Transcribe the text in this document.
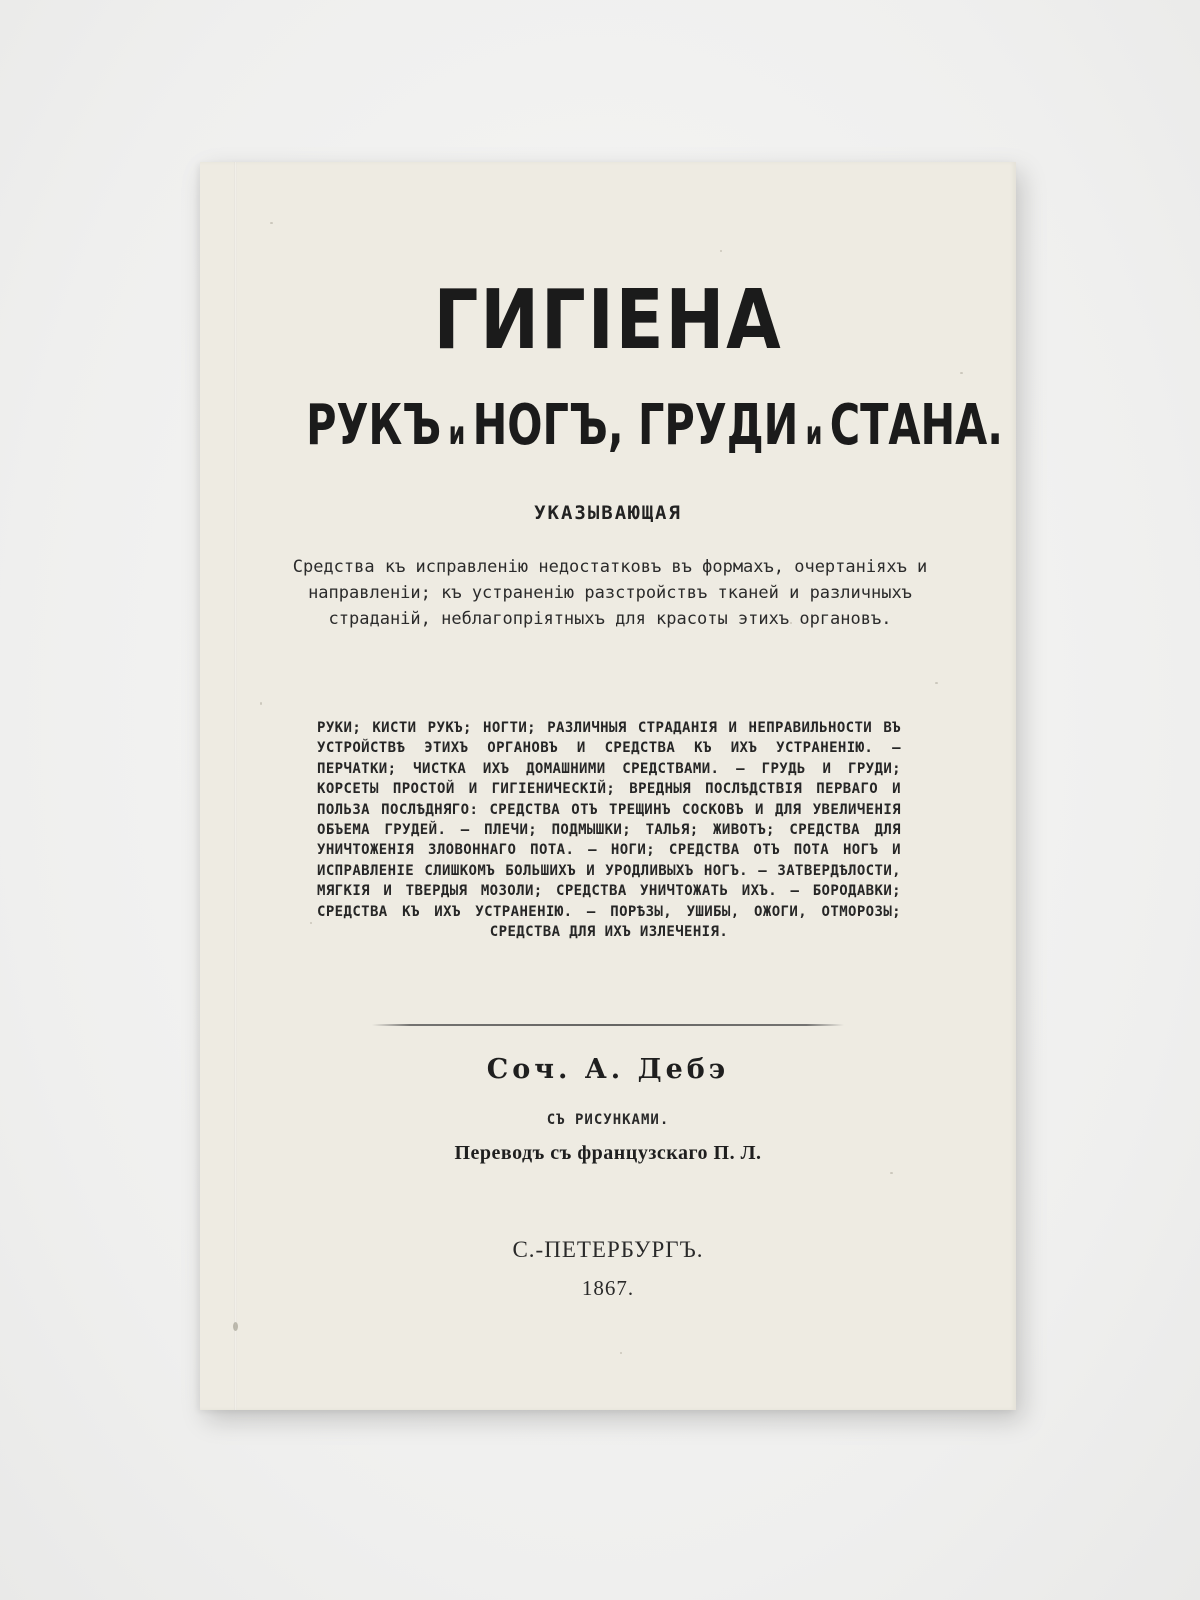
ГИГІЕНА
РУКЪ и НОГЪ, ГРУДИ и СТАНА.
УКАЗЫВАЮЩАЯ
Средства къ исправленію недостатковъ въ формахъ, очертаніяхъ и направленіи; къ устраненію разстройствъ тканей и различныхъ страданій, неблагопріятныхъ для красоты этихъ органовъ.
РУКИ; КИСТИ РУКЪ; НОГТИ; РАЗЛИЧНЫЯ СТРАДАНІЯ И НЕПРАВИЛЬНОСТИ ВЪ УСТРОЙСТВѢ ЭТИХЪ ОРГАНОВЪ И СРЕДСТВА КЪ ИХЪ УСТРАНЕНІЮ. — ПЕРЧАТКИ; ЧИСТКА ИХЪ ДОМАШНИМИ СРЕДСТВАМИ. — ГРУДЬ И ГРУДИ; КОРСЕТЫ ПРОСТОЙ И ГИГІЕНИЧЕСКІЙ; ВРЕДНЫЯ ПОСЛѢДСТВІЯ ПЕРВАГО И ПОЛЬЗА ПОСЛѢДНЯГО: СРЕДСТВА ОТЪ ТРЕЩИНЪ СОСКОВЪ И ДЛЯ УВЕЛИЧЕНІЯ ОБЪЕМА ГРУДЕЙ. — ПЛЕЧИ; ПОДМЫШКИ; ТАЛЬЯ; ЖИВОТЪ; СРЕДСТВА ДЛЯ УНИЧТОЖЕНІЯ ЗЛОВОННАГО ПОТА. — НОГИ; СРЕДСТВА ОТЪ ПОТА НОГЪ И ИСПРАВЛЕНІЕ СЛИШКОМЪ БОЛЬШИХЪ И УРОДЛИВЫХЪ НОГЪ. — ЗАТВЕРДѢЛОСТИ, МЯГКІЯ И ТВЕРДЫЯ МОЗОЛИ; СРЕДСТВА УНИЧТОЖАТЬ ИХЪ. — БОРОДАВКИ; СРЕДСТВА КЪ ИХЪ УСТРАНЕНІЮ. — ПОРѢЗЫ, УШИБЫ, ОЖОГИ, ОТМОРОЗЫ; СРЕДСТВА ДЛЯ ИХЪ ИЗЛЕЧЕНІЯ.
Соч. А. Дебэ
СЪ РИСУНКАМИ.
Переводъ съ французскаго П. Л.
С.-ПЕТЕРБУРГЪ.
1867.
